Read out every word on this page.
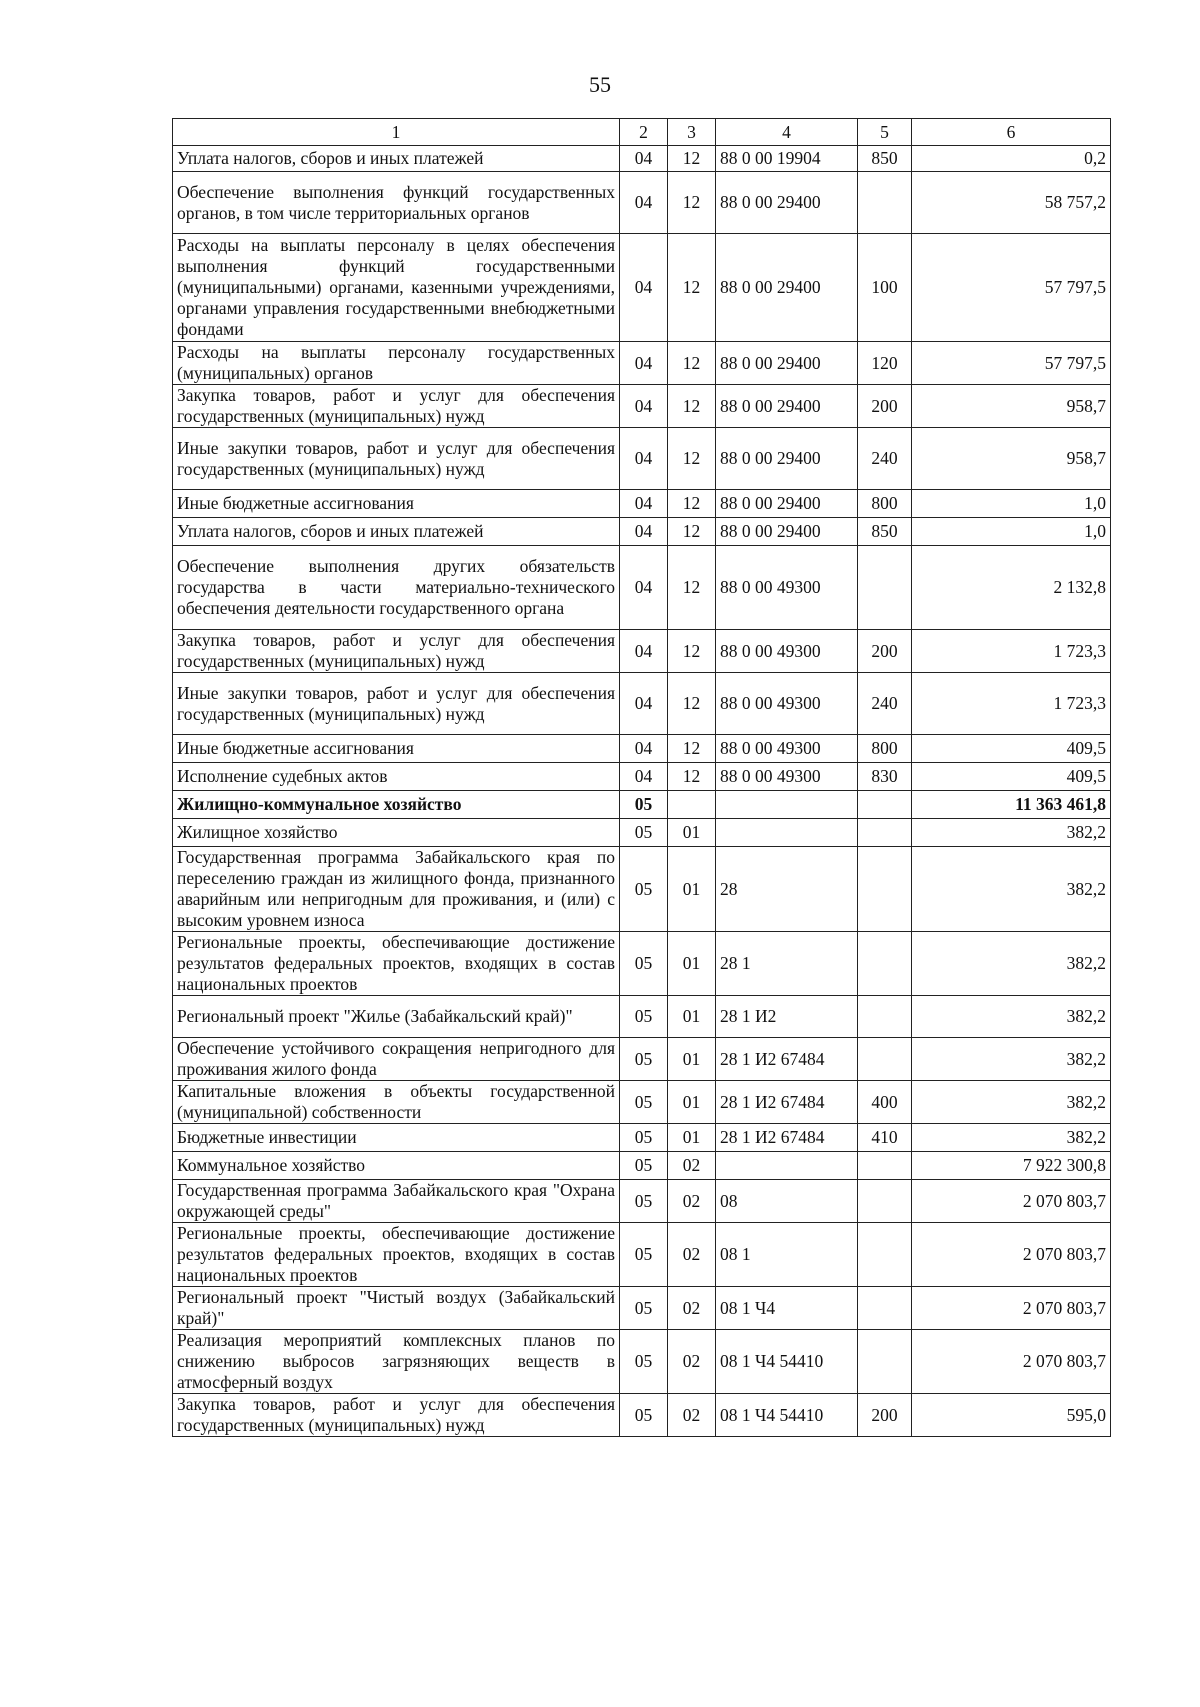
55
1	2	3	4	5	6
Уплата налогов, сборов и иных платежей	04	12	88 0 00 19904	850	0,2
Обеспечение выполнения функций государственных органов, в том числе территориальных органов	04	12	88 0 00 29400		58 757,2
Расходы на выплаты персоналу в целях обеспечения выполнения функций государственными (муниципальными) органами, казенными учреждениями, органами управления государственными внебюджетными фондами	04	12	88 0 00 29400	100	57 797,5
Расходы на выплаты персоналу государственных (муниципальных) органов	04	12	88 0 00 29400	120	57 797,5
Закупка товаров, работ и услуг для обеспечения государственных (муниципальных) нужд	04	12	88 0 00 29400	200	958,7
Иные закупки товаров, работ и услуг для обеспечения государственных (муниципальных) нужд	04	12	88 0 00 29400	240	958,7
Иные бюджетные ассигнования	04	12	88 0 00 29400	800	1,0
Уплата налогов, сборов и иных платежей	04	12	88 0 00 29400	850	1,0
Обеспечение выполнения других обязательств государства в части материально-технического обеспечения деятельности государственного органа	04	12	88 0 00 49300		2 132,8
Закупка товаров, работ и услуг для обеспечения государственных (муниципальных) нужд	04	12	88 0 00 49300	200	1 723,3
Иные закупки товаров, работ и услуг для обеспечения государственных (муниципальных) нужд	04	12	88 0 00 49300	240	1 723,3
Иные бюджетные ассигнования	04	12	88 0 00 49300	800	409,5
Исполнение судебных актов	04	12	88 0 00 49300	830	409,5
Жилищно-коммунальное хозяйство	05				11 363 461,8
Жилищное хозяйство	05	01			382,2
Государственная программа Забайкальского края по переселению граждан из жилищного фонда, признанного аварийным или непригодным для проживания, и (или) с высоким уровнем износа	05	01	28		382,2
Региональные проекты, обеспечивающие достижение результатов федеральных проектов, входящих в состав национальных проектов	05	01	28 1		382,2
Региональный проект "Жилье (Забайкальский край)"	05	01	28 1 И2		382,2
Обеспечение устойчивого сокращения непригодного для проживания жилого фонда	05	01	28 1 И2 67484		382,2
Капитальные вложения в объекты государственной (муниципальной) собственности	05	01	28 1 И2 67484	400	382,2
Бюджетные инвестиции	05	01	28 1 И2 67484	410	382,2
Коммунальное хозяйство	05	02			7 922 300,8
Государственная программа Забайкальского края "Охрана окружающей среды"	05	02	08		2 070 803,7
Региональные проекты, обеспечивающие достижение результатов федеральных проектов, входящих в состав национальных проектов	05	02	08 1		2 070 803,7
Региональный проект "Чистый воздух (Забайкальский край)"	05	02	08 1 Ч4		2 070 803,7
Реализация мероприятий комплексных планов по снижению выбросов загрязняющих веществ в атмосферный воздух	05	02	08 1 Ч4 54410		2 070 803,7
Закупка товаров, работ и услуг для обеспечения государственных (муниципальных) нужд	05	02	08 1 Ч4 54410	200	595,0
